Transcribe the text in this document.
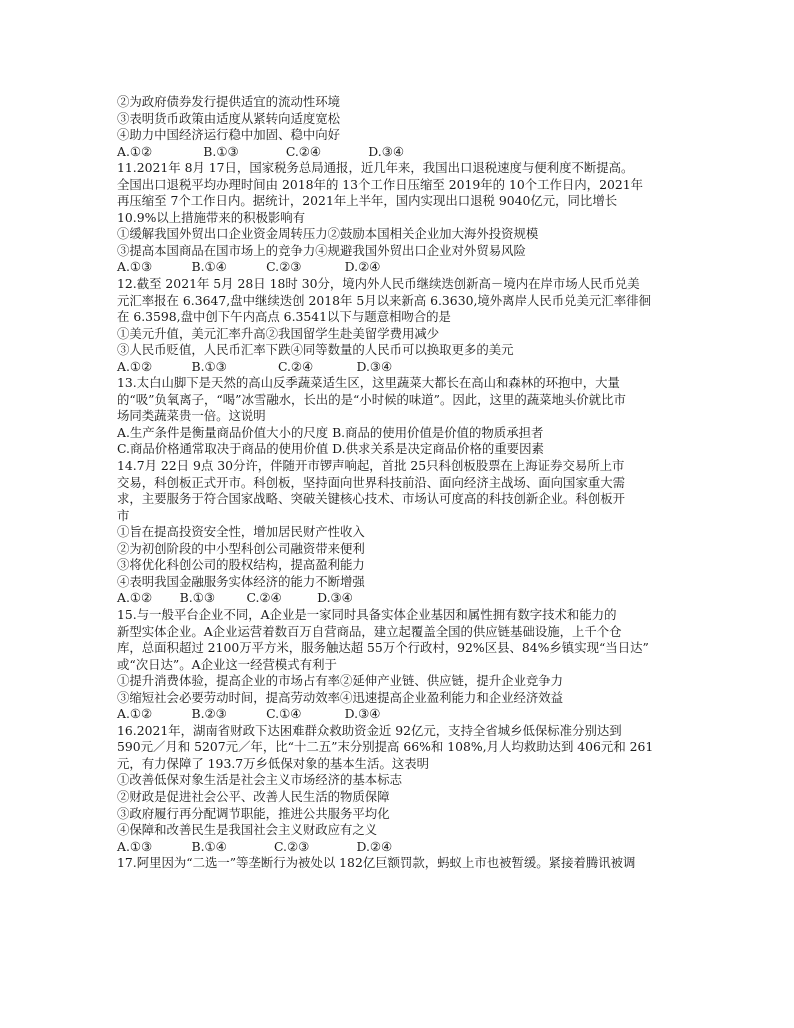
②为政府债券发行提供适宜的流动性环境
③表明货币政策由适度从紧转向适度宽松
④助力中国经济运行稳中加固、稳中向好
A.①②             B.①③            C.②④            D.③④
11.2021年 8月 17日，国家税务总局通报，近几年来，我国出口退税速度与便利度不断提高。
全国出口退税平均办理时间由 2018年的 13个工作日压缩至 2019年的 10个工作日内，2021年
再压缩至 7个工作日内。据统计，2021年上半年，国内实现出口退税 9040亿元，同比增长
10.9%以上措施带来的积极影响有
①缓解我国外贸出口企业资金周转压力②鼓励本国相关企业加大海外投资规模
③提高本国商品在国市场上的竞争力④规避我国外贸出口企业对外贸易风险
A.①③          B.①④          C.②③           D.②④
12.截至 2021年 5月 28日 18时 30分，境内外人民币继续迭创新高－境内在岸市场人民币兑美
元汇率报在 6.3647,盘中继续迭创 2018年 5月以来新高 6.3630,境外离岸人民币兑美元汇率徘徊
在 6.3598,盘中创下午内高点 6.3541以下与题意相吻合的是
①美元升值，美元汇率升高②我国留学生赴美留学费用减少
③人民币贬值，人民币汇率下跌④同等数量的人民币可以换取更多的美元
A.①②          B.①③             C.②④           D.③④
13.太白山脚下是天然的高山反季蔬菜适生区，这里蔬菜大都长在高山和森林的环抱中，大量
的“吸”负氧离子，“喝”冰雪融水，长出的是“小时候的味道”。因此，这里的蔬菜地头价就比市
场同类蔬菜贵一倍。这说明
A.生产条件是衡量商品价值大小的尺度 B.商品的使用价值是价值的物质承担者
C.商品价格通常取决于商品的使用价值 D.供求关系是决定商品价格的重要因素
14.7月 22日 9点 30分许，伴随开市锣声响起，首批 25只科创板股票在上海证券交易所上市
交易，科创板正式开市。科创板，坚持面向世界科技前沿、面向经济主战场、面向国家重大需
求，主要服务于符合国家战略、突破关键核心技术、市场认可度高的科技创新企业。科创板开
市
①旨在提高投资安全性，增加居民财产性收入
②为初创阶段的中小型科创公司融资带来便利
③将优化科创公司的股权结构，提高盈利能力
④表明我国金融服务实体经济的能力不断增强
A.①②       B.①③        C.②④         D.③④
15.与一般平台企业不同，A企业是一家同时具备实体企业基因和属性拥有数字技术和能力的
新型实体企业。A企业运营着数百万自营商品，建立起覆盖全国的供应链基础设施，上千个仓
库，总面积超过 2100万平方米，服务触达超 55万个行政村，92%区县、84%乡镇实现“当日达”
或“次日达”。A企业这一经营模式有利于
①提升消费体验，提高企业的市场占有率②延伸产业链、供应链，提升企业竞争力
③缩短社会必要劳动时间，提高劳动效率④迅速提高企业盈利能力和企业经济效益
A.①②          B.②③          C.①④           D.③④
16.2021年，湖南省财政下达困难群众救助资金近 92亿元，支持全省城乡低保标准分别达到
590元／月和 5207元／年，比“十二五”末分别提高 66%和 108%,月人均救助达到 406元和 261
元，有力保障了 193.7万乡低保对象的基本生活。这表明
①改善低保对象生活是社会主义市场经济的基本标志
②财政是促进社会公平、改善人民生活的物质保障
③政府履行再分配调节职能，推进公共服务平均化
④保障和改善民生是我国社会主义财政应有之义
A.①③          B.①④            C.②③            D.②④
17.阿里因为“二选一”等垄断行为被处以 182亿巨额罚款，蚂蚁上市也被暂缓。紧接着腾讯被调
